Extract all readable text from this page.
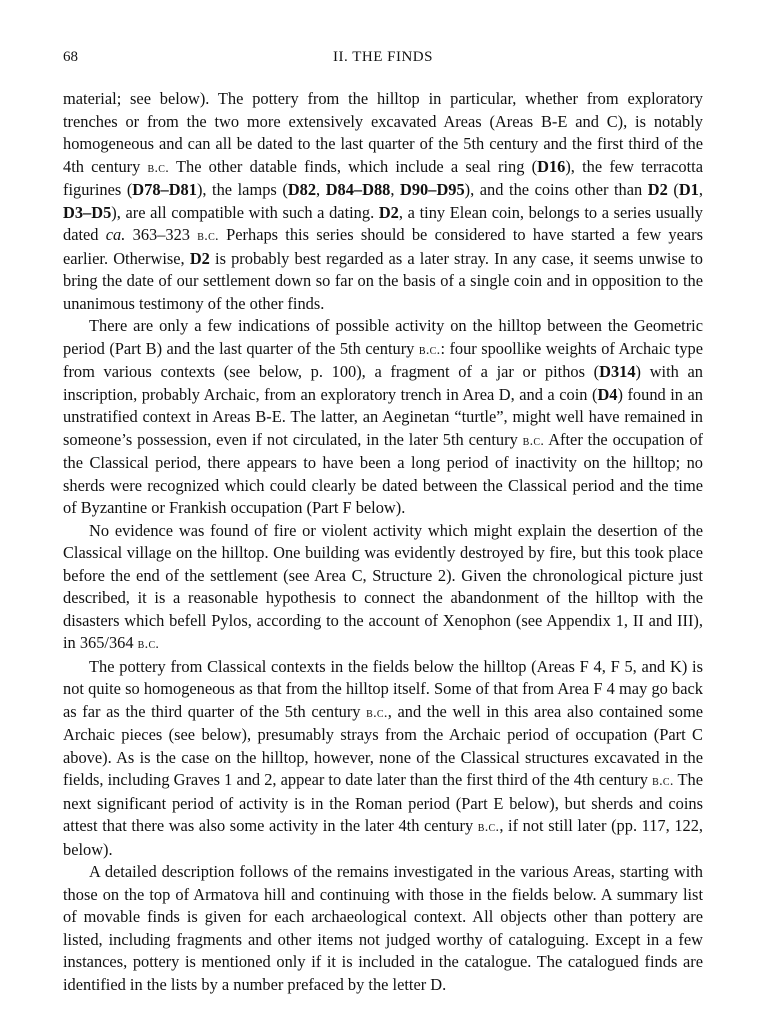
68	II. THE FINDS

material; see below). The pottery from the hilltop in particular, whether from exploratory trenches or from the two more extensively excavated Areas (Areas B-E and C), is notably homogeneous and can all be dated to the last quarter of the 5th century and the first third of the 4th century b.c. The other datable finds, which include a seal ring (D16), the few terracotta figurines (D78–D81), the lamps (D82, D84–D88, D90–D95), and the coins other than D2 (D1, D3–D5), are all compatible with such a dating. D2, a tiny Elean coin, belongs to a series usually dated ca. 363–323 b.c. Perhaps this series should be considered to have started a few years earlier. Otherwise, D2 is probably best regarded as a later stray. In any case, it seems unwise to bring the date of our settlement down so far on the basis of a single coin and in opposition to the unanimous testimony of the other finds.

There are only a few indications of possible activity on the hilltop between the Geometric period (Part B) and the last quarter of the 5th century b.c.: four spoollike weights of Archaic type from various contexts (see below, p. 100), a fragment of a jar or pithos (D314) with an inscription, probably Archaic, from an exploratory trench in Area D, and a coin (D4) found in an unstratified context in Areas B-E. The latter, an Aeginetan “turtle”, might well have remained in someone’s possession, even if not circulated, in the later 5th century b.c. After the occupation of the Classical period, there appears to have been a long period of inactivity on the hilltop; no sherds were recognized which could clearly be dated between the Classical period and the time of Byzantine or Frankish occupation (Part F below).

No evidence was found of fire or violent activity which might explain the desertion of the Classical village on the hilltop. One building was evidently destroyed by fire, but this took place before the end of the settlement (see Area C, Structure 2). Given the chronological picture just described, it is a reasonable hypothesis to connect the abandonment of the hilltop with the disasters which befell Pylos, according to the account of Xenophon (see Appendix 1, II and III), in 365/364 b.c.

The pottery from Classical contexts in the fields below the hilltop (Areas F 4, F 5, and K) is not quite so homogeneous as that from the hilltop itself. Some of that from Area F 4 may go back as far as the third quarter of the 5th century b.c., and the well in this area also contained some Archaic pieces (see below), presumably strays from the Archaic period of occupation (Part C above). As is the case on the hilltop, however, none of the Classical structures excavated in the fields, including Graves 1 and 2, appear to date later than the first third of the 4th century b.c. The next significant period of activity is in the Roman period (Part E below), but sherds and coins attest that there was also some activity in the later 4th century b.c., if not still later (pp. 117, 122, below).

A detailed description follows of the remains investigated in the various Areas, starting with those on the top of Armatova hill and continuing with those in the fields below. A summary list of movable finds is given for each archaeological context. All objects other than pottery are listed, including fragments and other items not judged worthy of cataloguing. Except in a few instances, pottery is mentioned only if it is included in the catalogue. The catalogued finds are identified in the lists by a number prefaced by the letter D.
